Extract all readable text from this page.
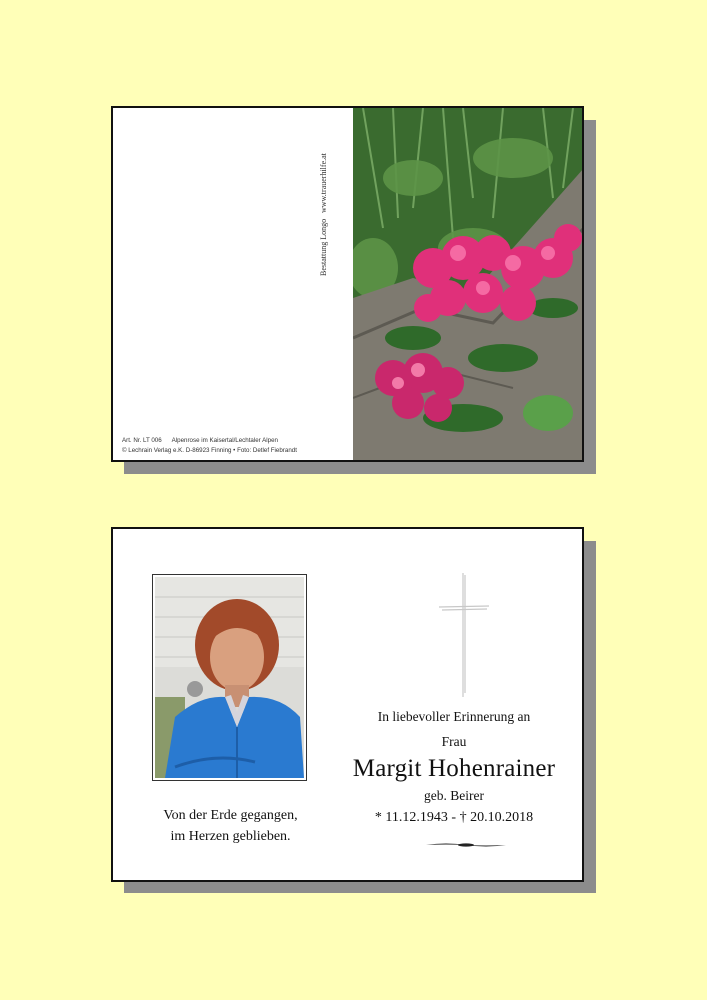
Bestattung Longo
www.trauerhilfe.at
Art. Nr. LT 006 Alpenrose im Kaisertal/Lechtaler Alpen
© Lechrain Verlag e.K. D-86923 Finning • Foto: Detlef Fiebrandt
Von der Erde gegangen,
im Herzen geblieben.
In liebevoller Erinnerung an
Frau
Margit Hohenrainer
geb. Beirer
* 11.12.1943 - † 20.10.2018
